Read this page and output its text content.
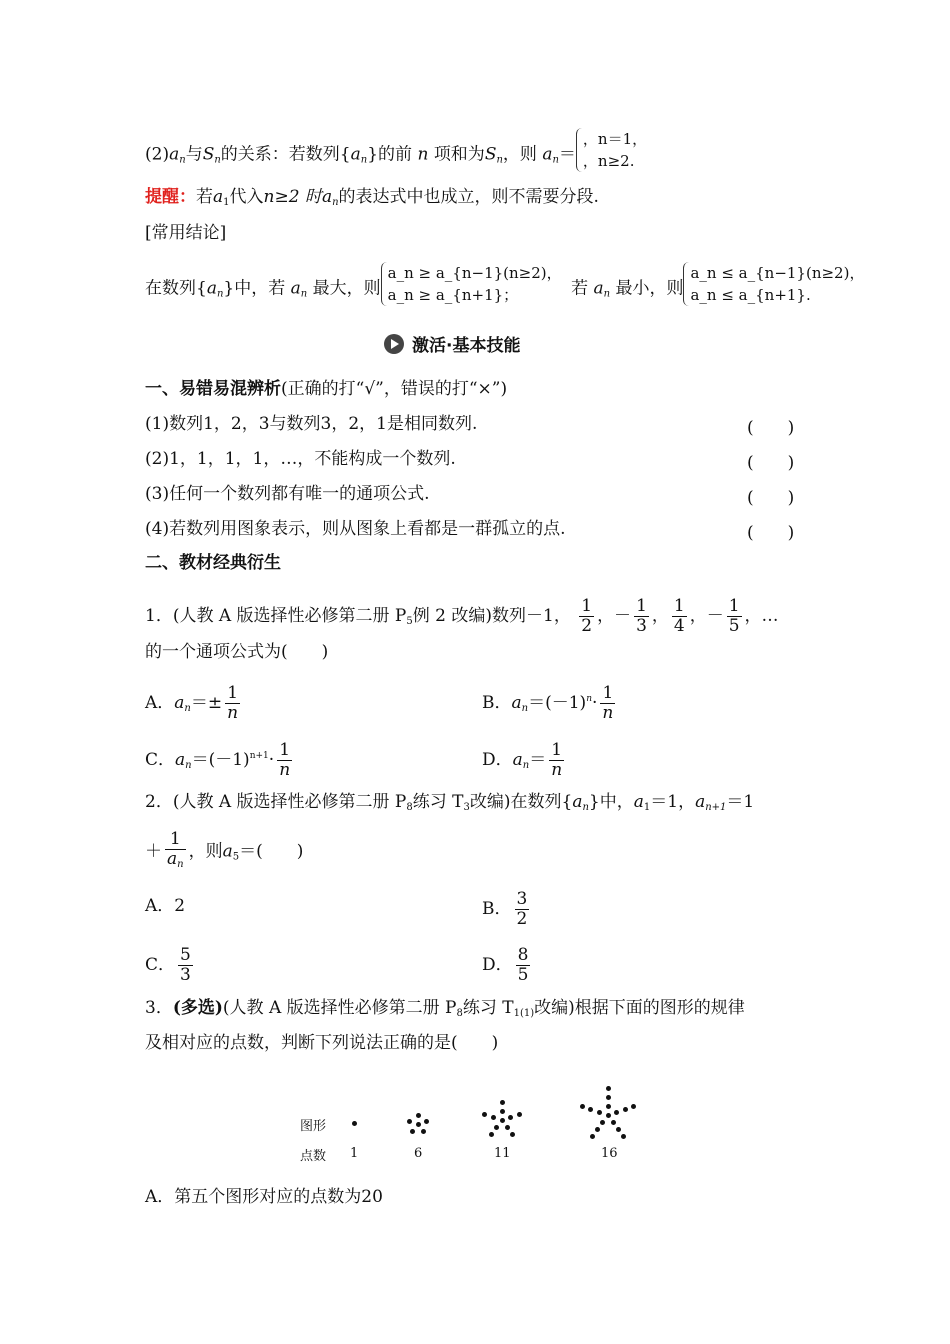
$(2)a_n$与$S_n$的关系：若数列$\{a_n\}$的前 n 项和为$S_n$，则 $a_n=$
，n＝1，
，n≥2.
提醒：若$a_1$代入n≥2 时$a_n$的表达式中也成立，则不需要分段.
[常用结论]
在数列$\{a_n\}$中，若 $a_n$ 最大，则
a_n ≥ a_{n−1}(n≥2)，
a_n ≥ a_{n+1}；	若 $a_n$ 最小，则
a_n ≤ a_{n−1}(n≥2)，
a_n ≤ a_{n+1}.
激活·基本技能
一、易错易混辨析(正确的打“√”，错误的打“×”)
(1)数列1，2，3与数列3，2，1是相同数列.	(　　)
(2)1，1，1，1，…，不能构成一个数列.	(　　)
(3)任何一个数列都有唯一的通项公式.	(　　)
(4)若数列用图象表示，则从图象上看都是一群孤立的点.	(　　)
二、教材经典衍生
1．(人教 A 版选择性必修第二册 $P_5$例 2 改编)数列－1， $\frac{1}{2}$ ，－ $\frac{1}{3}$ ， $\frac{1}{4}$ ，－ $\frac{1}{5}$ ，…
的一个通项公式为(　　)
A．$a_n=\pm \frac{1}{n}$	B．$a_n=(-1)^n\cdot \frac{1}{n}$
C．$a_n=(-1)^{n+1}\cdot \frac{1}{n}$	D．$a_n= \frac{1}{n}$
2．(人教 A 版选择性必修第二册 $P_8$练习 $T_3$改编)在数列$\{a_n\}$中，$a_1=1$，$a_{n+1}=1$
＋ $\frac{1}{a_n}$ ，则$a_5=$(　　)
A．2	B． $\frac{3}{2}$
C． $\frac{5}{3}$	D． $\frac{8}{5}$
3．(多选)(人教 A 版选择性必修第二册 $P_8$练习 $T_{1(1)}$改编)根据下面的图形的规律
及相对应的点数，判断下列说法正确的是(　　)
图形
点数 1	6	11	16
A．第五个图形对应的点数为20
